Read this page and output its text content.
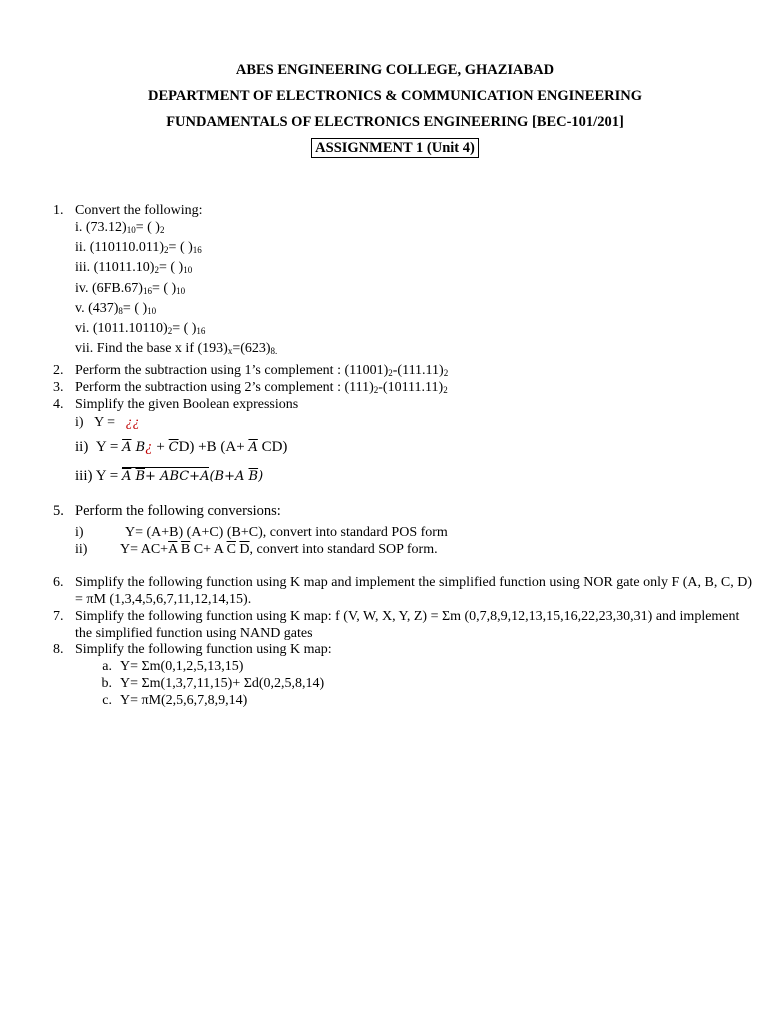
ABES ENGINEERING COLLEGE, GHAZIABAD
DEPARTMENT OF ELECTRONICS & COMMUNICATION ENGINEERING
FUNDAMENTALS OF ELECTRONICS ENGINEERING [BEC-101/201]
ASSIGNMENT 1 (Unit 4)
1. Convert the following:
i. $(73.12)_{10}=$ ( )$_2$
ii. $(110110.011)_2=$ ( )$_{16}$
iii. $(11011.10)_2=$ ( )$_{10}$
iv. $(6FB.67)_{16}=$ ( )$_{10}$
v. $(437)_8=$ ( )$_{10}$
vi. $(1011.10110)_2=$ ( )$_{16}$
vii. Find the base x if $(193)_x=(623)_{8.}$
2. Perform the subtraction using 1’s complement : $(11001)_2-(111.11)_2$
3. Perform the subtraction using 2’s complement : $(111)_2-(10111.11)_2$
4. Simplify the given Boolean expressions
i) Y = ¿¿
ii)  $Y = \overline{A}$ B¿ + $\overline{C}D) +B$ ($A+ \overline{A}$ CD)
iii) $Y = \overline{A}$ $\overline{B}+ ABC+A(B+A$ $\overline{B}$)
5. Perform the following conversions:
i)	Y= (A+B) (A+C) (B+C), convert into standard POS form
ii)	$Y= AC+\overline{A}$ $\overline{B}$ C+ A $\overline{C}$ $\overline{D}$, convert into standard SOP form.
6. Simplify the following function using K map and implement the simplified function using NOR gate only F (A, B, C, D) = πM (1,3,4,5,6,7,11,12,14,15).
7. Simplify the following function using K map: f (V, W, X, Y, Z) = Σm (0,7,8,9,12,13,15,16,22,23,30,31) and implement the simplified function using NAND gates
8. Simplify the following function using K map:
a. Y= Σm(0,1,2,5,13,15)
b. Y= Σm(1,3,7,11,15)+ Σd(0,2,5,8,14)
c. Y= πM(2,5,6,7,8,9,14)
